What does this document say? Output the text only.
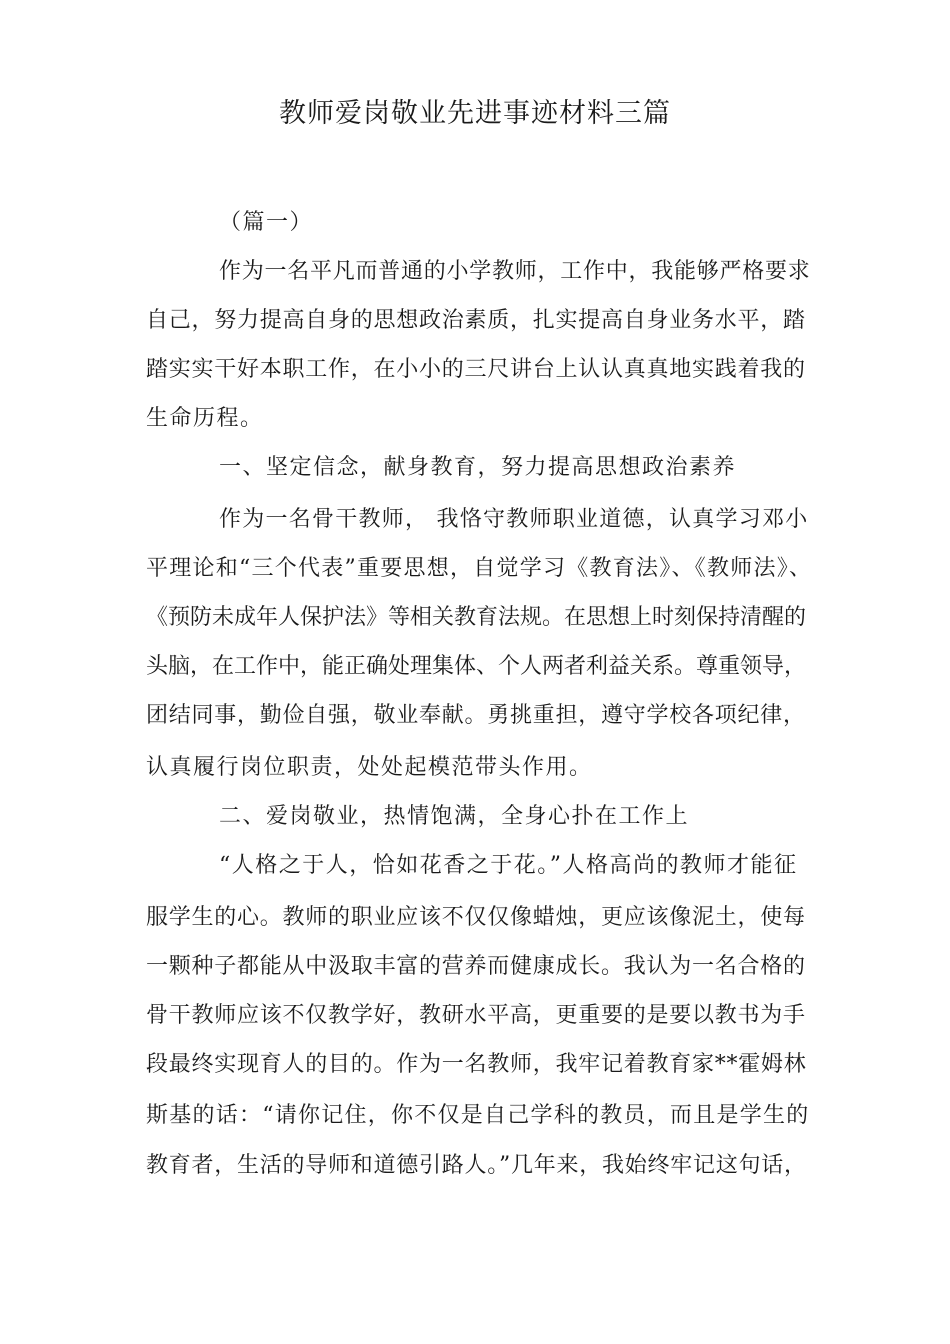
教师爱岗敬业先进事迹材料三篇
（篇一）
作为一名平凡而普通的小学教师，工作中，我能够严格要求
自己，努力提高自身的思想政治素质，扎实提高自身业务水平，踏
踏实实干好本职工作，在小小的三尺讲台上认认真真地实践着我的
生命历程。
一、坚定信念，献身教育，努力提高思想政治素养
作为一名骨干教师， 我恪守教师职业道德，认真学习邓小
平理论和“三个代表”重要思想，自觉学习《教育法》、《教师法》、
《预防未成年人保护法》等相关教育法规。在思想上时刻保持清醒的
头脑，在工作中，能正确处理集体、个人两者利益关系。尊重领导，
团结同事，勤俭自强，敬业奉献。勇挑重担，遵守学校各项纪律，
认真履行岗位职责，处处起模范带头作用。
二、爱岗敬业，热情饱满，全身心扑在工作上
“人格之于人，恰如花香之于花。”人格高尚的教师才能征
服学生的心。教师的职业应该不仅仅像蜡烛，更应该像泥土，使每
一颗种子都能从中汲取丰富的营养而健康成长。我认为一名合格的
骨干教师应该不仅教学好，教研水平高，更重要的是要以教书为手
段最终实现育人的目的。作为一名教师，我牢记着教育家**霍姆林
斯基的话：“请你记住，你不仅是自己学科的教员，而且是学生的
教育者，生活的导师和道德引路人。”几年来，我始终牢记这句话，
